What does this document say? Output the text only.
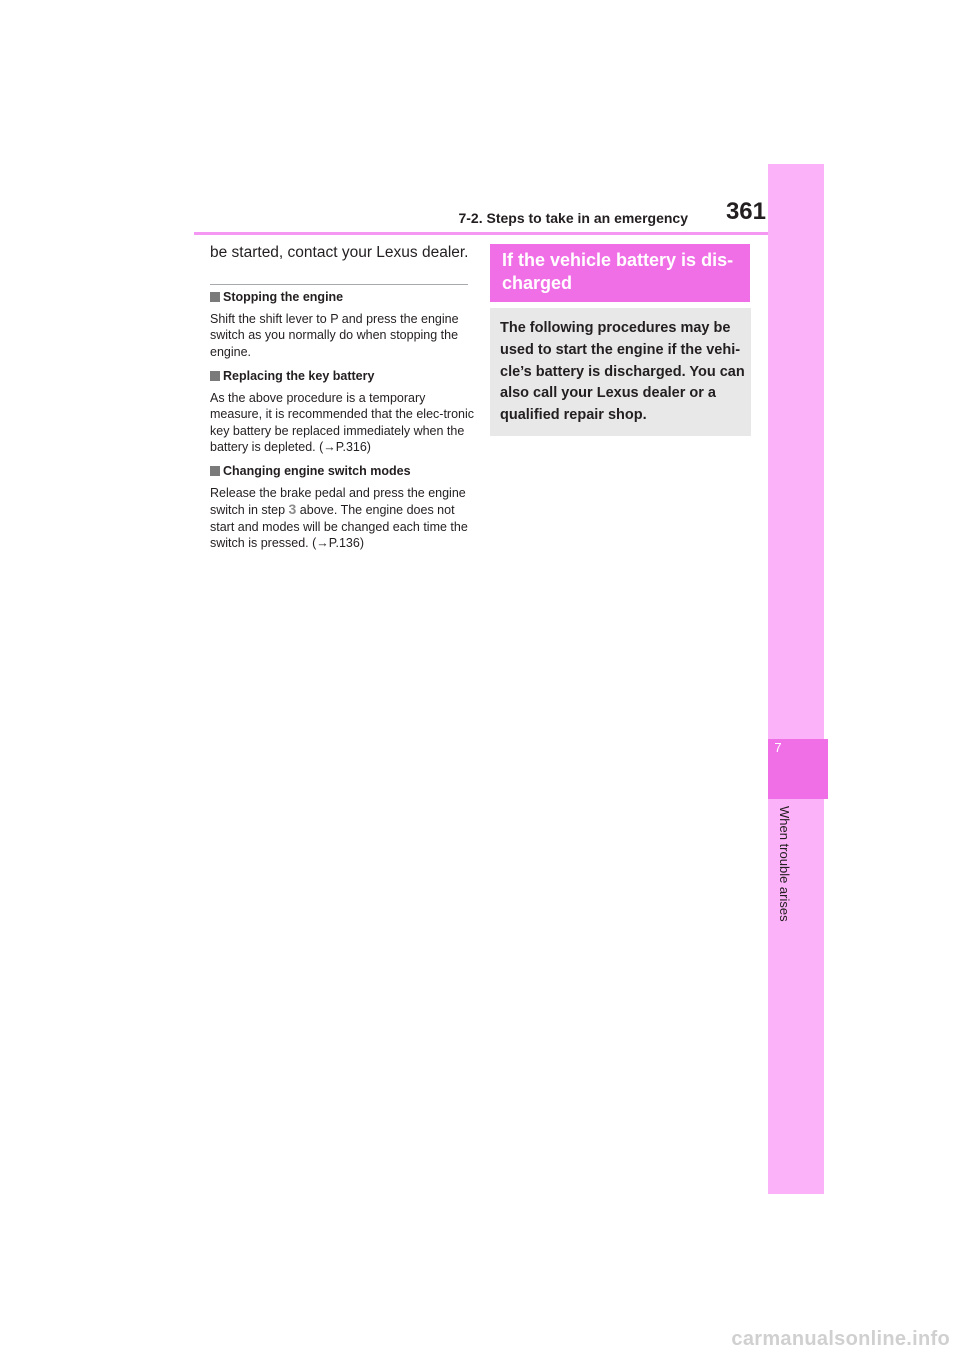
7-2. Steps to take in an emergency	361
7
When trouble arises
be started, contact your Lexus dealer.
Stopping the engine
Shift the shift lever to P and press the engine switch as you normally do when stopping the engine.
Replacing the key battery
As the above procedure is a temporary measure, it is recommended that the elec-tronic key battery be replaced immediately when the battery is depleted. (→P.316)
Changing engine switch modes
Release the brake pedal and press the engine switch in step 3 above. The engine does not start and modes will be changed each time the switch is pressed. (→P.136)
If the vehicle battery is dis-charged
The following procedures may be used to start the engine if the vehi-cle’s battery is discharged. You can also call your Lexus dealer or a qualified repair shop.
carmanualsonline.info
